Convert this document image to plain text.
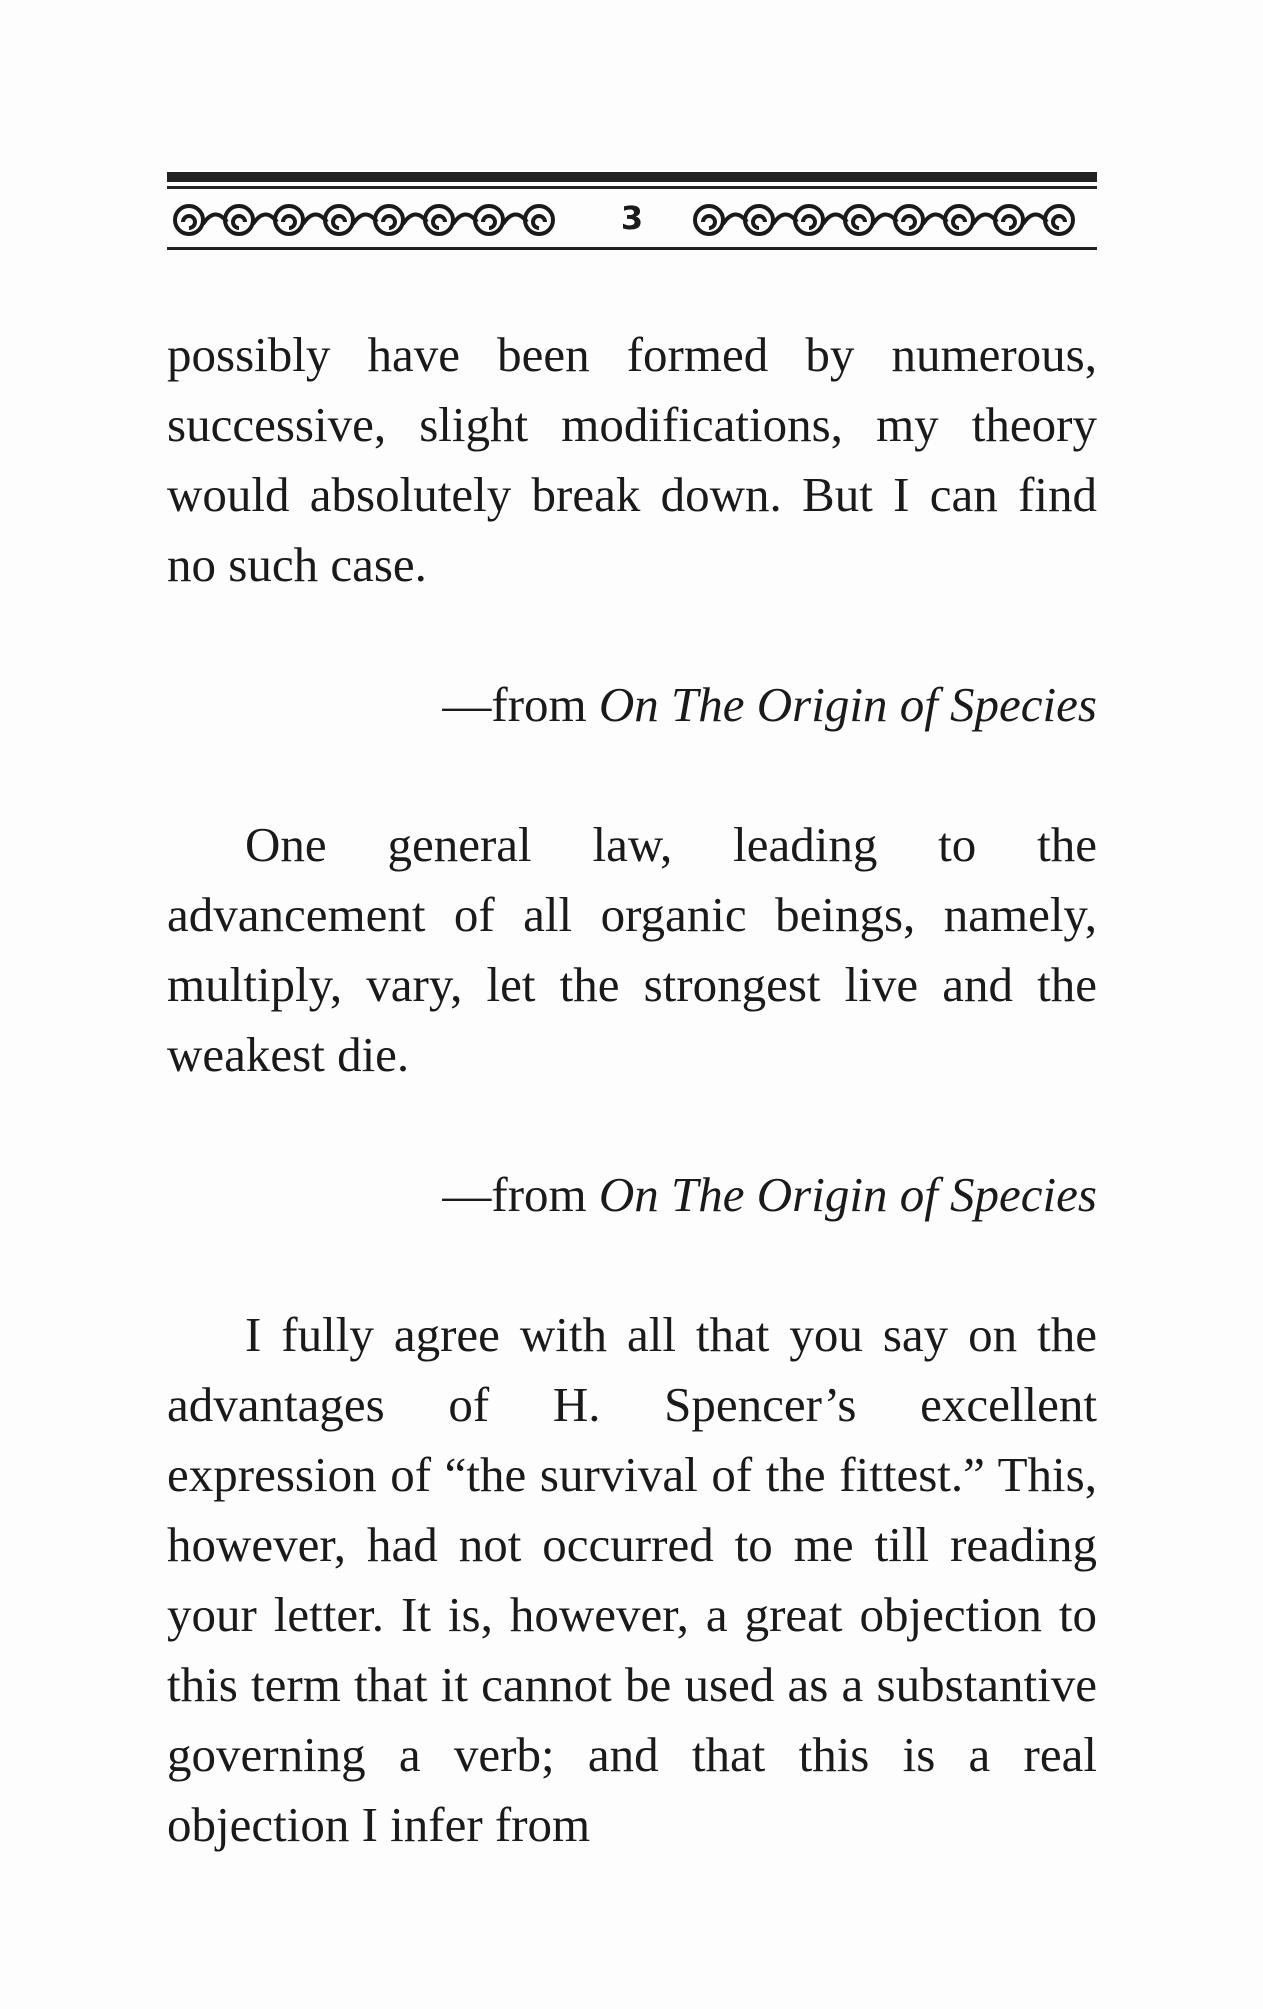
3

possibly have been formed by numerous, successive, slight modifications, my theory would absolutely break down. But I can find no such case.

—from On The Origin of Species

One general law, leading to the advancement of all organic beings, namely, multiply, vary, let the strongest live and the weakest die.

—from On The Origin of Species

I fully agree with all that you say on the advantages of H. Spencer’s excellent expression of “the survival of the fittest.” This, however, had not occurred to me till reading your letter. It is, however, a great objection to this term that it cannot be used as a substantive governing a verb; and that this is a real objection I infer from
